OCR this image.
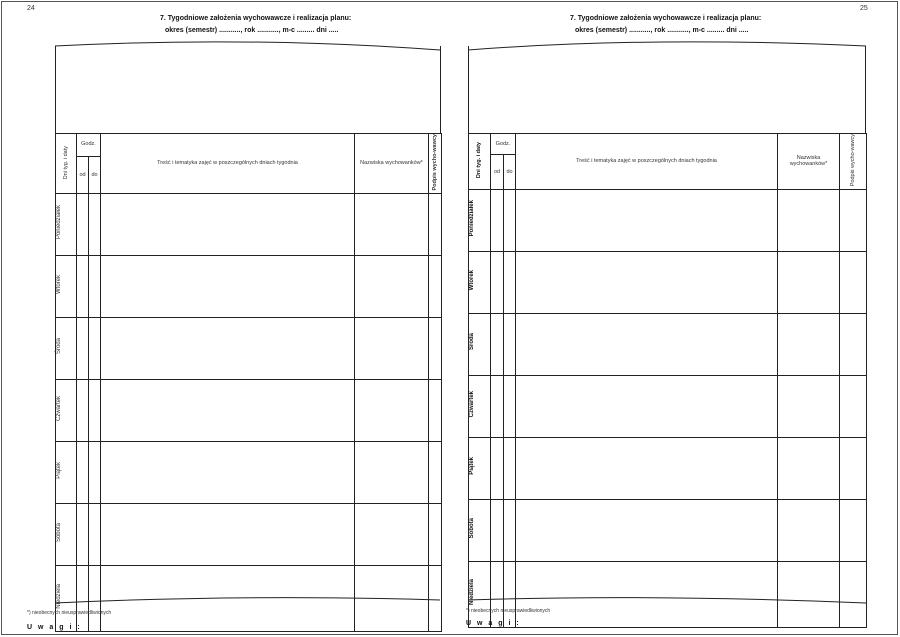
24
7. Tygodniowe założenia wychowawcze i realizacja planu:
okres (semestr) ..........., rok ..........., m-c ......... dni .....
Dni tyg. i daty	Godz.		Treść i tematyka zajęć w poszczególnych dniach tygodnia	Nazwiska wychowanków*	Podpis wycho-wawcy
	od	do			
Poniedziałek					
Wtorek					
Środa					
Czwartek					
Piątek					
Sobota					
Niedziela					
*) nieobecnych nieusprawiedliwionych
U w a g i :
25
7. Tygodniowe założenia wychowawcze i realizacja planu:
okres (semestr) ..........., rok ..........., m-c ......... dni .....
Dni tyg. i daty	Godz.		Treść i tematyka zajęć w poszczególnych dniach tygodnia	Nazwiska wychowanków*	Podpis wycho-wawcy
	od	do			
Poniedziałek					
Wtorek					
Środa					
Czwartek					
Piątek					
Sobota					
Niedziela					
*) nieobecnych nieusprawiedliwionych
U w a g i :
